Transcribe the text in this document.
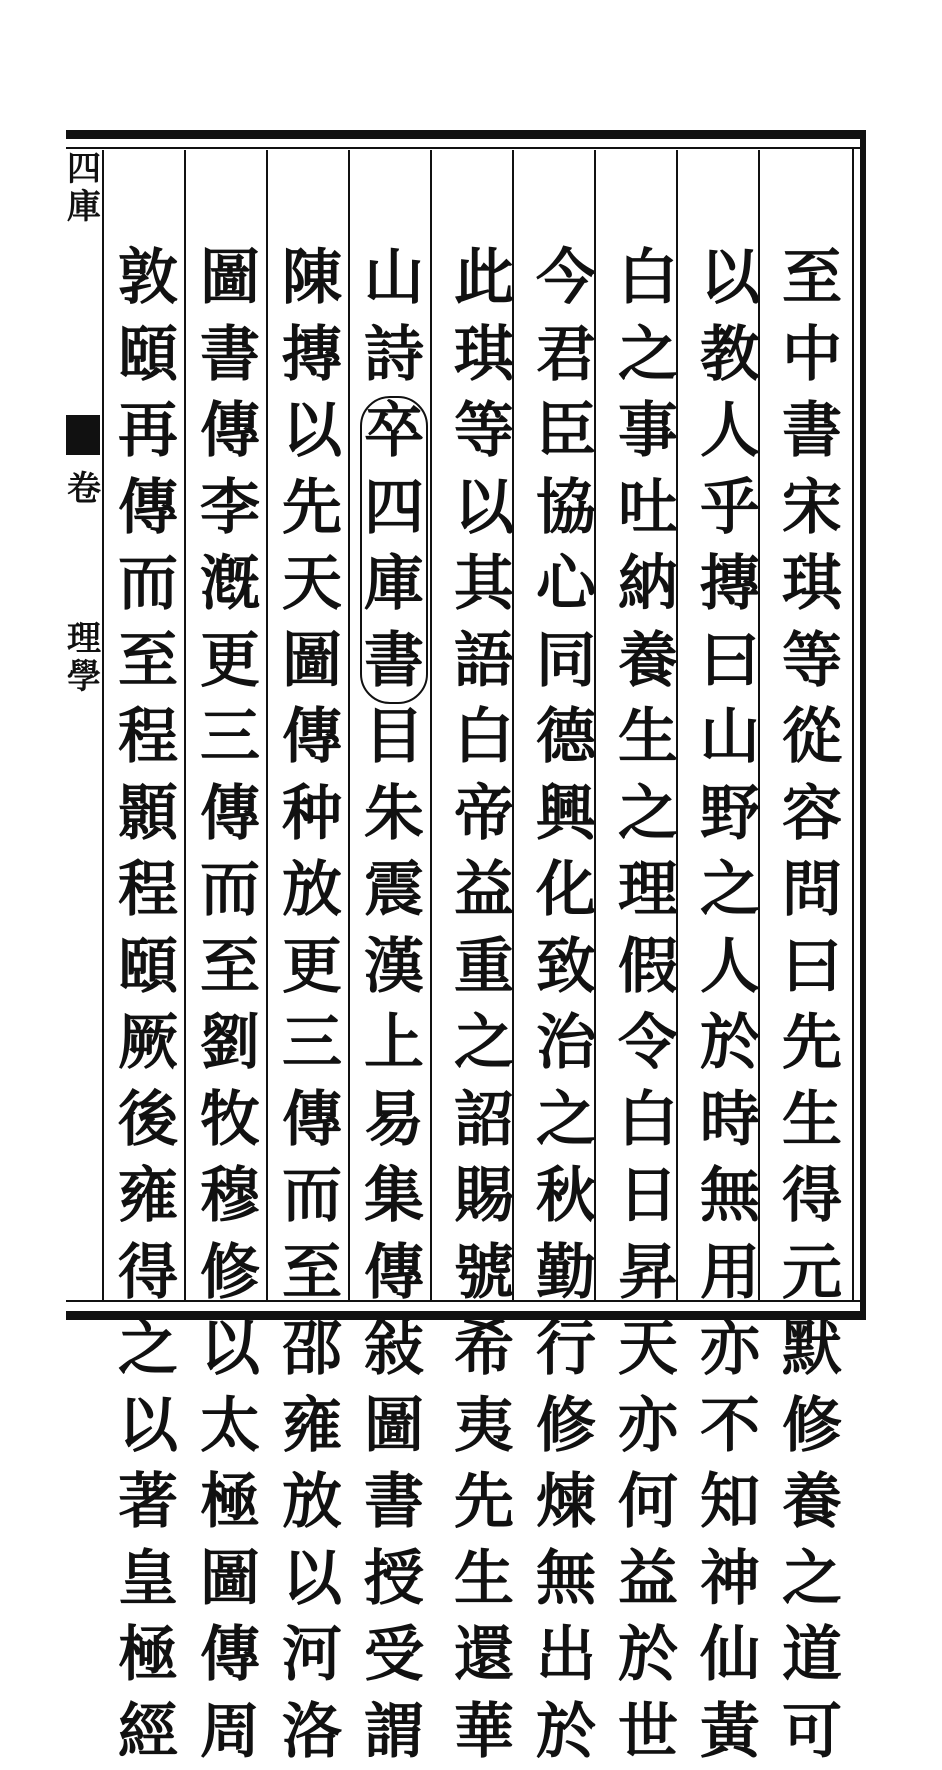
四
庫
卷
理
學
至
中
書
宋
琪
等
從
容
問
曰
先
生
得
元
默
修
養
之
道
可
以
教
人
乎
摶
曰
山
野
之
人
於
時
無
用
亦
不
知
神
仙
黃
白
之
事
吐
納
養
生
之
理
假
令
白
日
昇
天
亦
何
益
於
世
今
君
臣
協
心
同
德
興
化
致
治
之
秋
勤
行
修
煉
無
出
於
此
琪
等
以
其
語
白
帝
益
重
之
詔
賜
號
希
夷
先
生
還
華
山
詩
卒
四
庫
書
目
朱
震
漢
上
易
集
傳
敍
圖
書
授
受
謂
陳
摶
以
先
天
圖
傳
种
放
更
三
傳
而
至
邵
雍
放
以
河
洛
圖
書
傳
李
漑
更
三
傳
而
至
劉
牧
穆
修
以
太
極
圖
傳
周
敦
頤
再
傳
而
至
程
顥
程
頤
厥
後
雍
得
之
以
著
皇
極
經
